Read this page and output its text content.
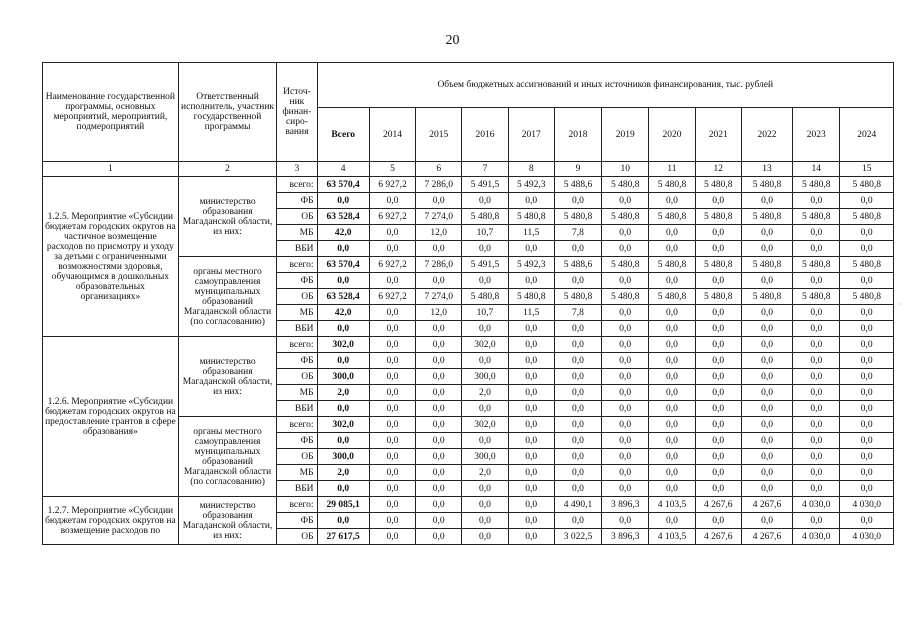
20
Наименование государственной программы, основных мероприятий, мероприятий, подмероприятий	Ответственный исполнитель, участник государственной программы	Источ-ник финан-сиро-вания	Объем бюджетных ассигнований и иных источников финансирования, тыс. рублей											
			Всего	2014	2015	2016	2017	2018	2019	2020	2021	2022	2023	2024
1	2	3	4	5	6	7	8	9	10	11	12	13	14	15
1.2.5. Мероприятие «Субсидии бюджетам городских округов на частичное возмещение расходов по присмотру и уходу за детьми с ограниченными возможностями здоровья, обучающимся в дошкольных образовательных организациях»	министерство образования Магаданской области, из них:	всего:	63 570,4	6 927,2	7 286,0	5 491,5	5 492,3	5 488,6	5 480,8	5 480,8	5 480,8	5 480,8	5 480,8	5 480,8
		ФБ	0,0	0,0	0,0	0,0	0,0	0,0	0,0	0,0	0,0	0,0	0,0	0,0
		ОБ	63 528,4	6 927,2	7 274,0	5 480,8	5 480,8	5 480,8	5 480,8	5 480,8	5 480,8	5 480,8	5 480,8	5 480,8
		МБ	42,0	0,0	12,0	10,7	11,5	7,8	0,0	0,0	0,0	0,0	0,0	0,0
		ВБИ	0,0	0,0	0,0	0,0	0,0	0,0	0,0	0,0	0,0	0,0	0,0	0,0
	органы местного самоуправления муниципальных образований Магаданской области (по согласованию)	всего:	63 570,4	6 927,2	7 286,0	5 491,5	5 492,3	5 488,6	5 480,8	5 480,8	5 480,8	5 480,8	5 480,8	5 480,8
		ФБ	0,0	0,0	0,0	0,0	0,0	0,0	0,0	0,0	0,0	0,0	0,0	0,0
		ОБ	63 528,4	6 927,2	7 274,0	5 480,8	5 480,8	5 480,8	5 480,8	5 480,8	5 480,8	5 480,8	5 480,8	5 480,8
		МБ	42,0	0,0	12,0	10,7	11,5	7,8	0,0	0,0	0,0	0,0	0,0	0,0
		ВБИ	0,0	0,0	0,0	0,0	0,0	0,0	0,0	0,0	0,0	0,0	0,0	0,0
1.2.6. Мероприятие «Субсидии бюджетам городских округов на предоставление грантов в сфере образования»	министерство образования Магаданской области, из них:	всего:	302,0	0,0	0,0	302,0	0,0	0,0	0,0	0,0	0,0	0,0	0,0	0,0
		ФБ	0,0	0,0	0,0	0,0	0,0	0,0	0,0	0,0	0,0	0,0	0,0	0,0
		ОБ	300,0	0,0	0,0	300,0	0,0	0,0	0,0	0,0	0,0	0,0	0,0	0,0
		МБ	2,0	0,0	0,0	2,0	0,0	0,0	0,0	0,0	0,0	0,0	0,0	0,0
		ВБИ	0,0	0,0	0,0	0,0	0,0	0,0	0,0	0,0	0,0	0,0	0,0	0,0
	органы местного самоуправления муниципальных образований Магаданской области (по согласованию)	всего:	302,0	0,0	0,0	302,0	0,0	0,0	0,0	0,0	0,0	0,0	0,0	0,0
		ФБ	0,0	0,0	0,0	0,0	0,0	0,0	0,0	0,0	0,0	0,0	0,0	0,0
		ОБ	300,0	0,0	0,0	300,0	0,0	0,0	0,0	0,0	0,0	0,0	0,0	0,0
		МБ	2,0	0,0	0,0	2,0	0,0	0,0	0,0	0,0	0,0	0,0	0,0	0,0
		ВБИ	0,0	0,0	0,0	0,0	0,0	0,0	0,0	0,0	0,0	0,0	0,0	0,0
1.2.7. Мероприятие «Субсидии бюджетам городских округов на возмещение расходов по	министерство образования Магаданской области, из них:	всего:	29 085,1	0,0	0,0	0,0	0,0	4 490,1	3 896,3	4 103,5	4 267,6	4 267,6	4 030,0	4 030,0
		ФБ	0,0	0,0	0,0	0,0	0,0	0,0	0,0	0,0	0,0	0,0	0,0	0,0
		ОБ	27 617,5	0,0	0,0	0,0	0,0	3 022,5	3 896,3	4 103,5	4 267,6	4 267,6	4 030,0	4 030,0
·
